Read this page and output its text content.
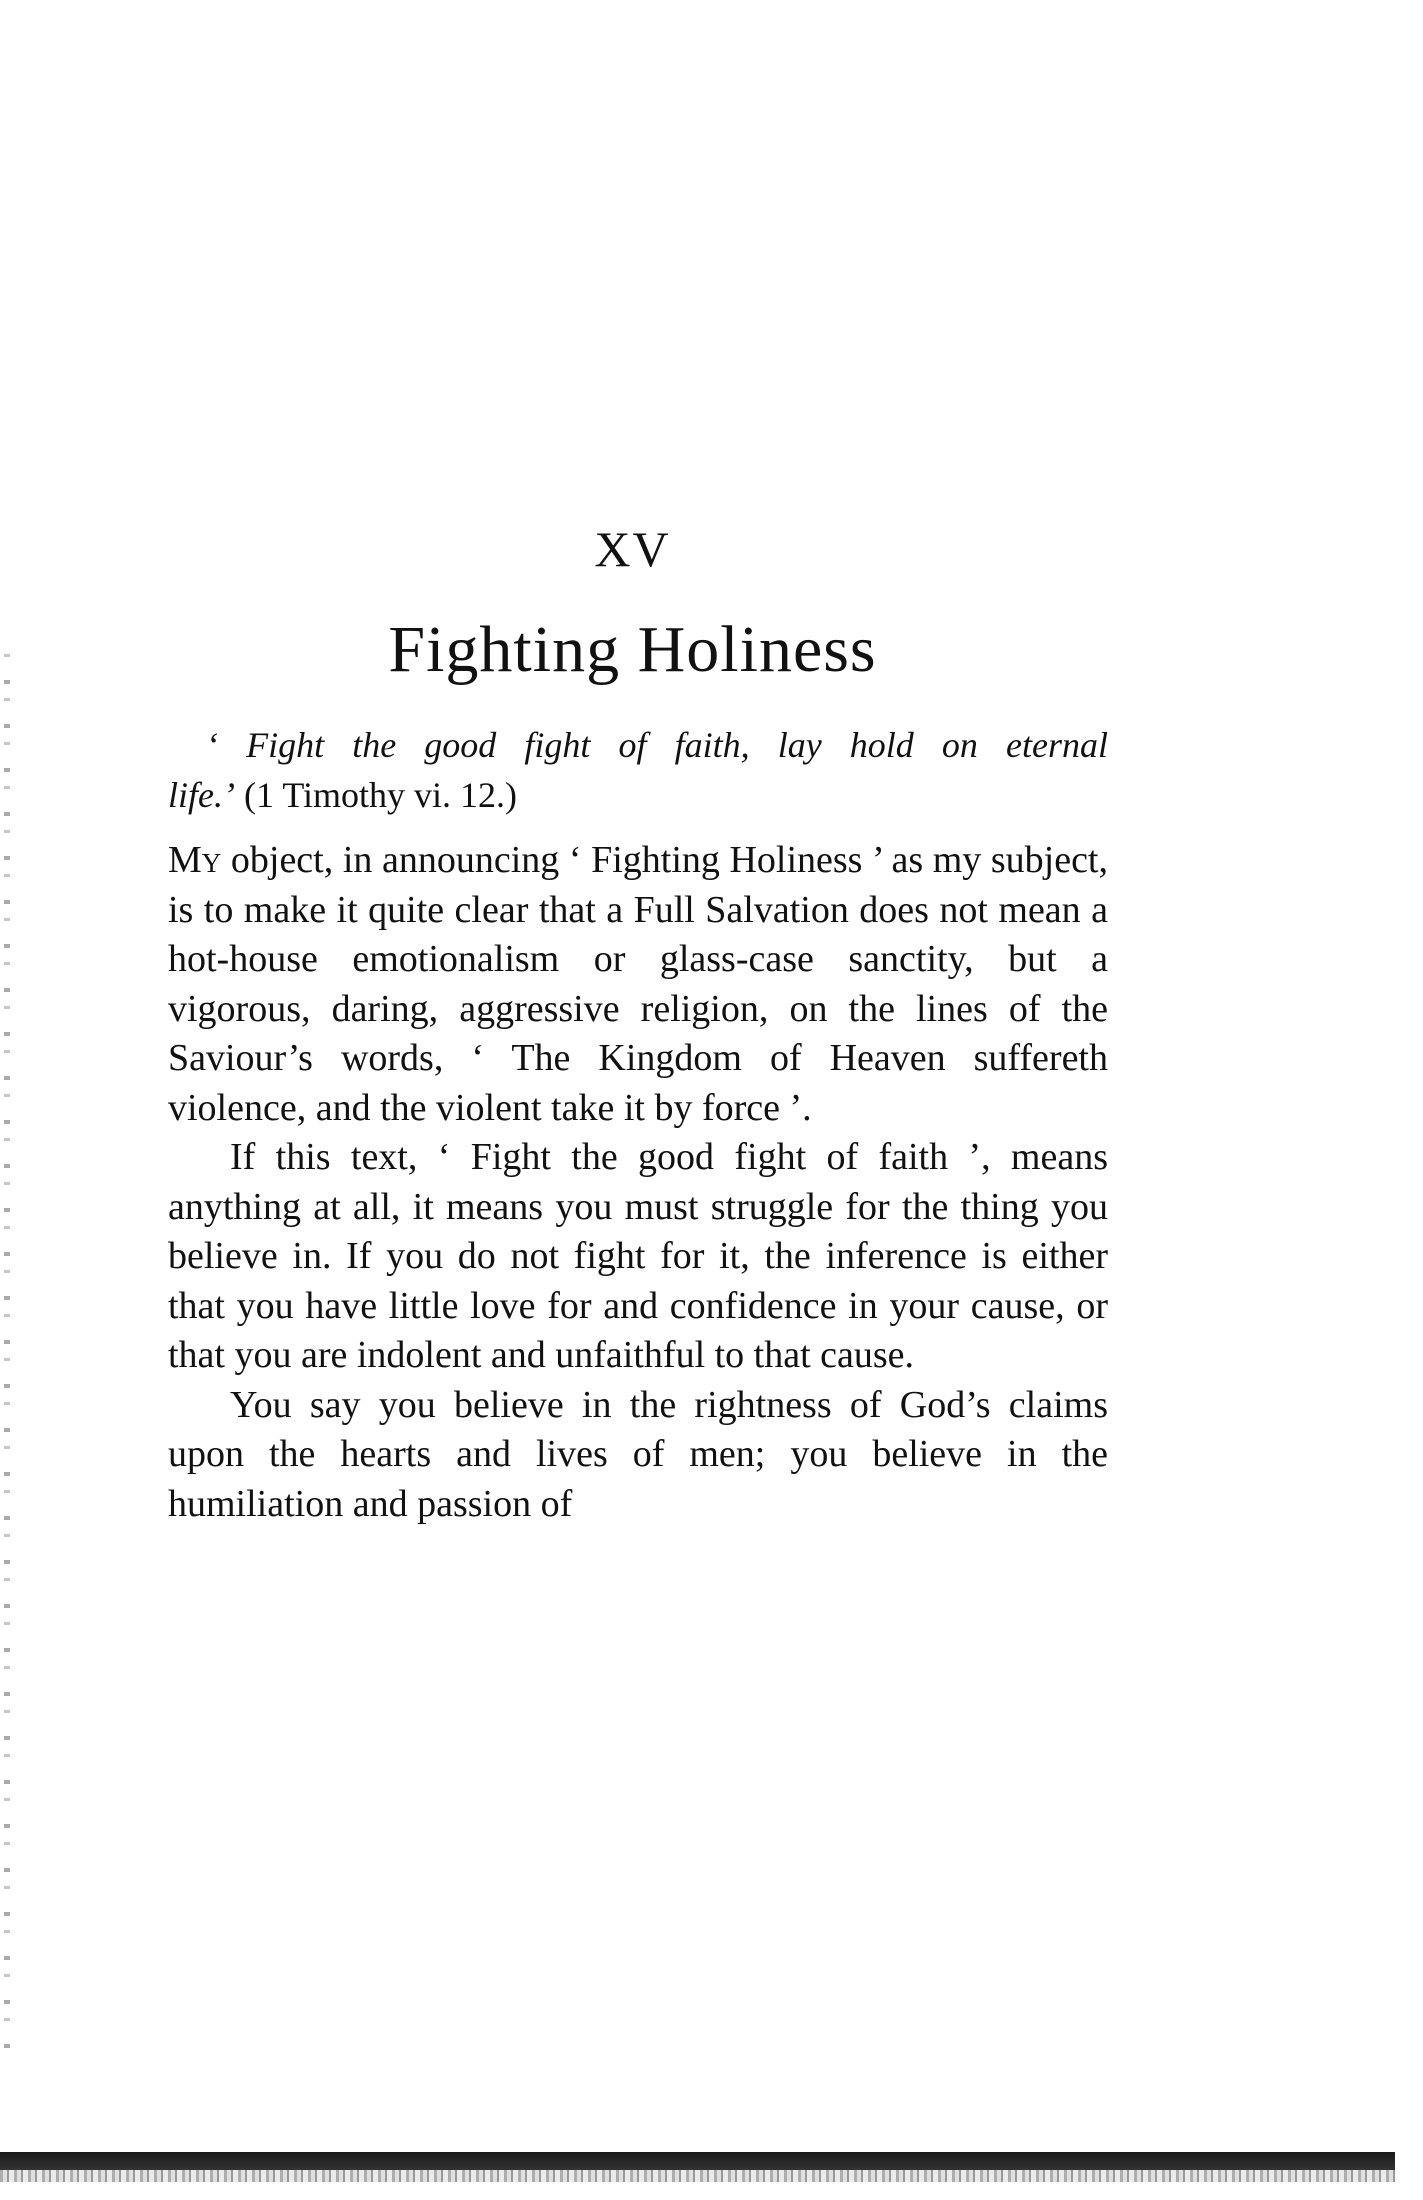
XV
Fighting Holiness
‘ Fight the good fight of faith, lay hold on eternal
life.’ (1 Timothy vi. 12.)

My object, in announcing ‘ Fighting Holiness ’ as my subject, is to make it quite clear that a Full Salvation does not mean a hot-house emotionalism or glass-case sanctity, but a vigorous, daring, aggressive religion, on the lines of the Saviour’s words, ‘ The Kingdom of Heaven suffereth violence, and the violent take it by force ’.

If this text, ‘ Fight the good fight of faith ’, means anything at all, it means you must struggle for the thing you believe in. If you do not fight for it, the inference is either that you have little love for and confidence in your cause, or that you are indolent and unfaithful to that cause.

You say you believe in the rightness of God’s claims upon the hearts and lives of men; you believe in the humiliation and passion of
